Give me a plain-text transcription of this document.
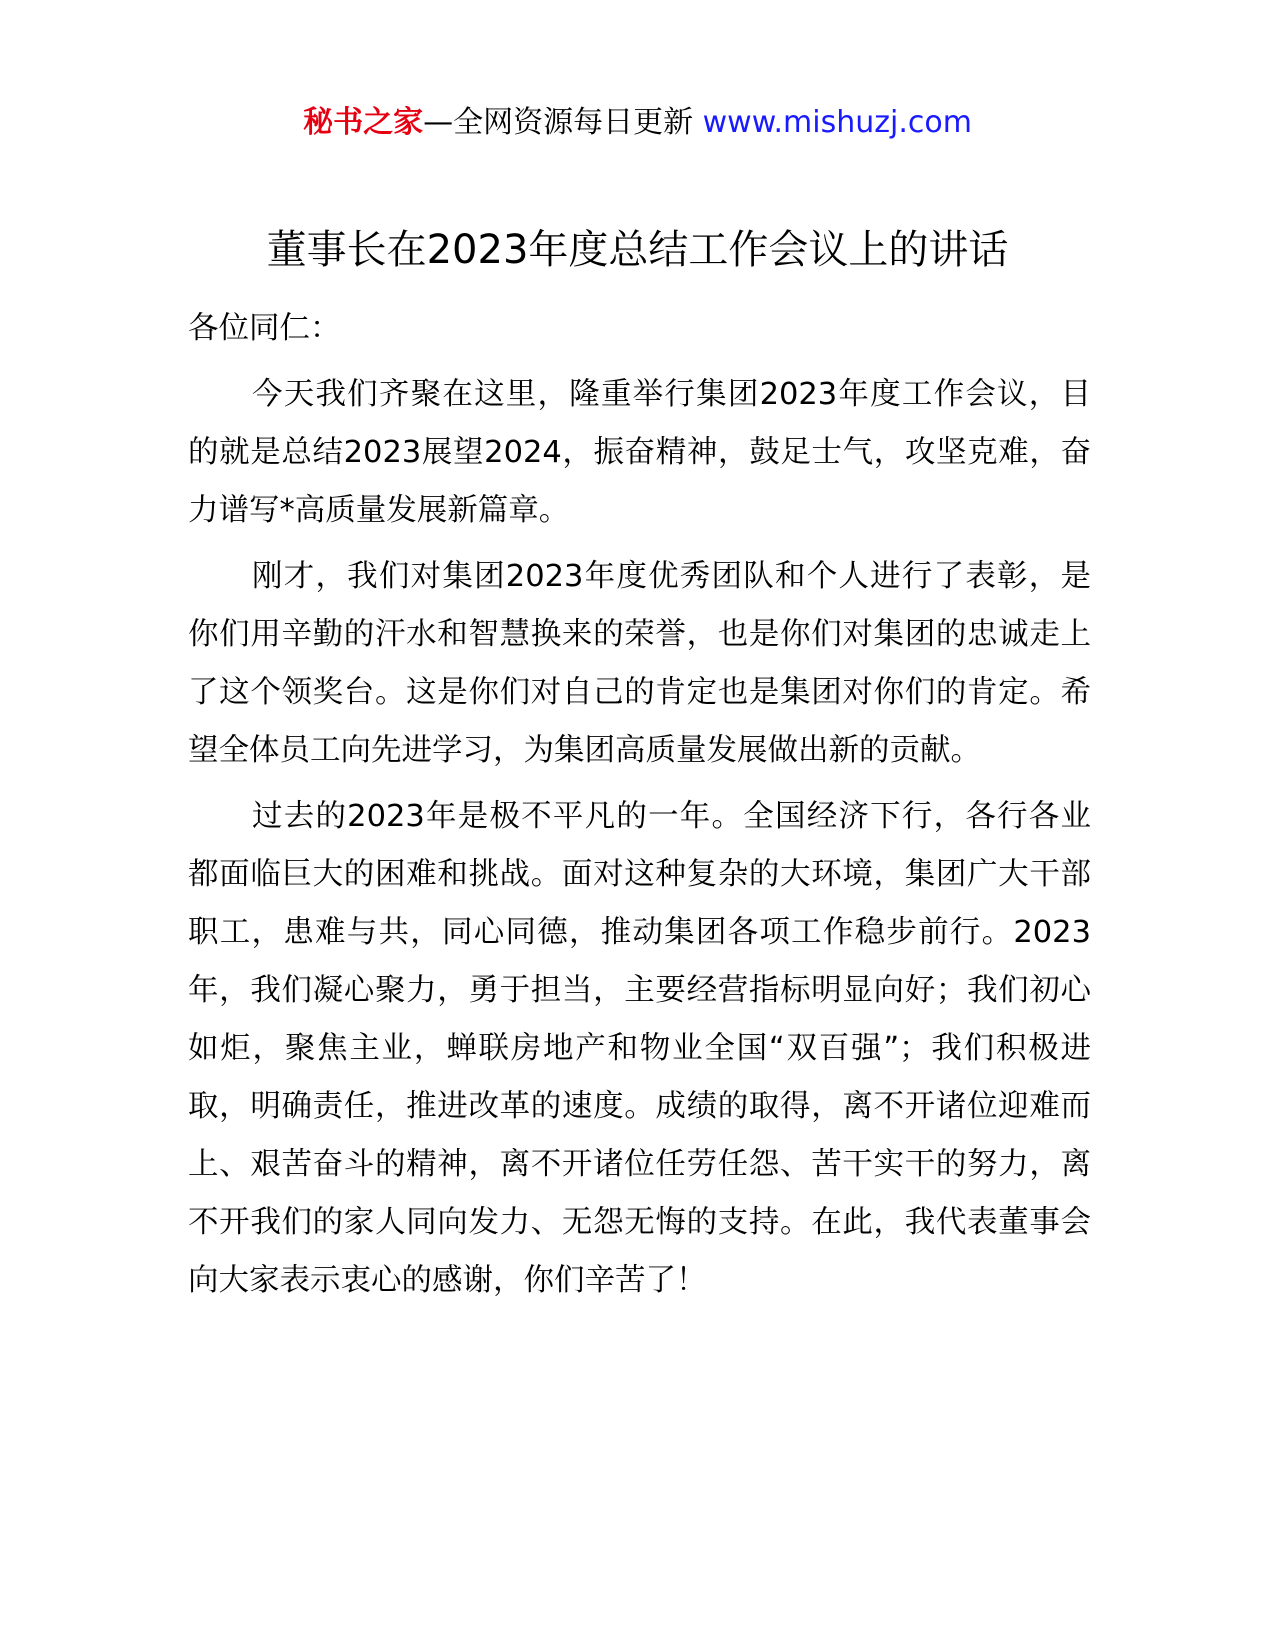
秘书之家—全网资源每日更新 www.mishuzj.com
董事长在2023年度总结工作会议上的讲话

各位同仁：

今天我们齐聚在这里，隆重举行集团2023年度工作会议，目的就是总结2023展望2024，振奋精神，鼓足士气，攻坚克难，奋力谱写*高质量发展新篇章。

刚才，我们对集团2023年度优秀团队和个人进行了表彰，是你们用辛勤的汗水和智慧换来的荣誉，也是你们对集团的忠诚走上了这个领奖台。这是你们对自己的肯定也是集团对你们的肯定。希望全体员工向先进学习，为集团高质量发展做出新的贡献。

过去的2023年是极不平凡的一年。全国经济下行，各行各业都面临巨大的困难和挑战。面对这种复杂的大环境，集团广大干部职工，患难与共，同心同德，推动集团各项工作稳步前行。2023年，我们凝心聚力，勇于担当，主要经营指标明显向好；我们初心如炬，聚焦主业，蝉联房地产和物业全国“双百强”；我们积极进取，明确责任，推进改革的速度。成绩的取得，离不开诸位迎难而上、艰苦奋斗的精神，离不开诸位任劳任怨、苦干实干的努力，离不开我们的家人同向发力、无怨无悔的支持。在此，我代表董事会向大家表示衷心的感谢，你们辛苦了！
